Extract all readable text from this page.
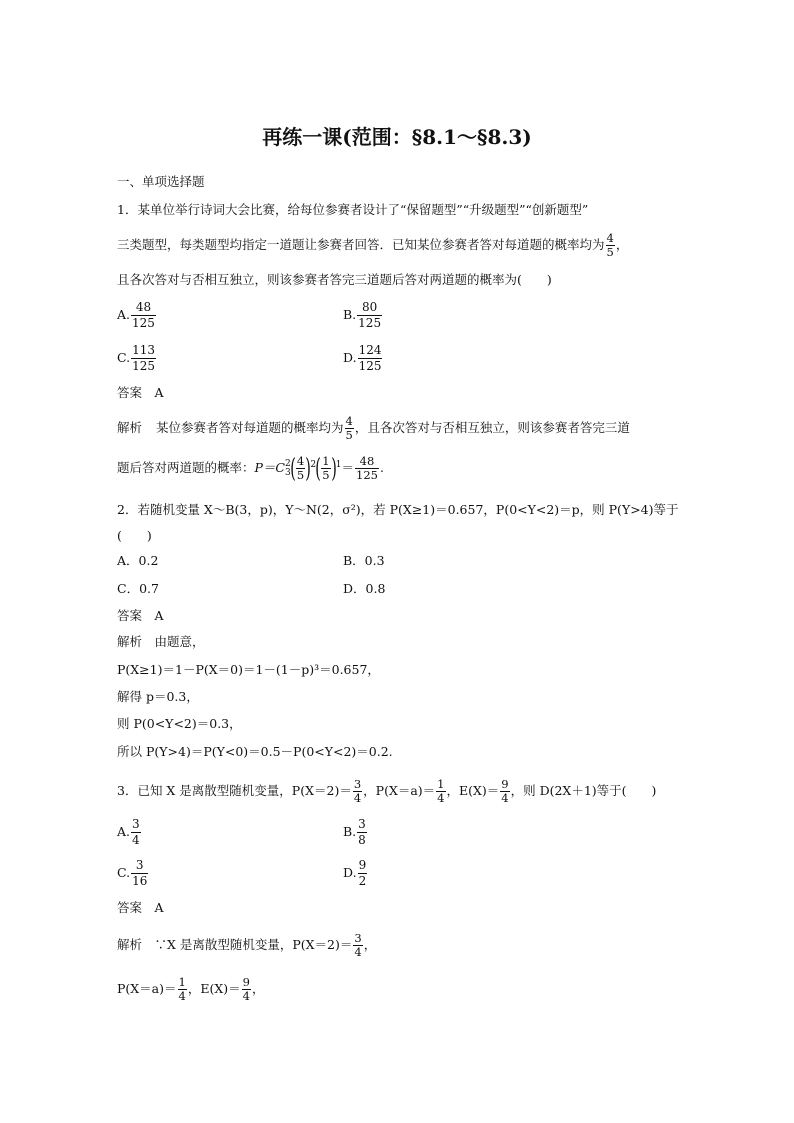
再练一课(范围：§8.1～§8.3)
一、单项选择题
1．某单位举行诗词大会比赛，给每位参赛者设计了“保留题型”“升级题型”“创新题型”
三类题型，每类题型均指定一道题让参赛者回答．已知某位参赛者答对每道题的概率均为 $\frac{4}{5}$ ，
且各次答对与否相互独立，则该参赛者答完三道题后答对两道题的概率为(　　)
A. $\frac{48}{125}$	B. $\frac{80}{125}$
C. $\frac{113}{125}$	D. $\frac{124}{125}$
答案　A
解析 某位参赛者答对每道题的概率均为 $\frac{4}{5}$ ，且各次答对与否相互独立，则该参赛者答完三道
题后答对两道题的概率：P＝C 2
3 ( $\frac{4}{5} )^2( \frac{1}{5} )^1= \frac{48}{125}$ .
2．若随机变量 X～B(3，p)，Y～N(2，σ²)，若 P(X≥1)＝0.657，P(0<Y<2)＝p，则 P(Y>4)等于
(　　)
A．0.2	B．0.3
C．0.7	D．0.8
答案　A
解析　由题意，
P(X≥1)＝1－P(X＝0)＝1－(1－p)³＝0.657，
解得 p＝0.3，
则 P(0<Y<2)＝0.3，
所以 P(Y>4)＝P(Y<0)＝0.5－P(0<Y<2)＝0.2.
3．已知 X 是离散型随机变量，$P(X=2)= \frac{3}{4}$ ，$P(X=a)= \frac{1}{4}$ ，$E(X)= \frac{9}{4}$ ，则 D(2X＋1)等于(　　)
A. $\frac{3}{4}$	B. $\frac{3}{8}$
C. $\frac{3}{16}$	D. $\frac{9}{2}$
答案　A
解析　∵X 是离散型随机变量，$P(X=2)= \frac{3}{4}$ ，
$P(X=a)= \frac{1}{4}$ ，$E(X)= \frac{9}{4}$ ，
